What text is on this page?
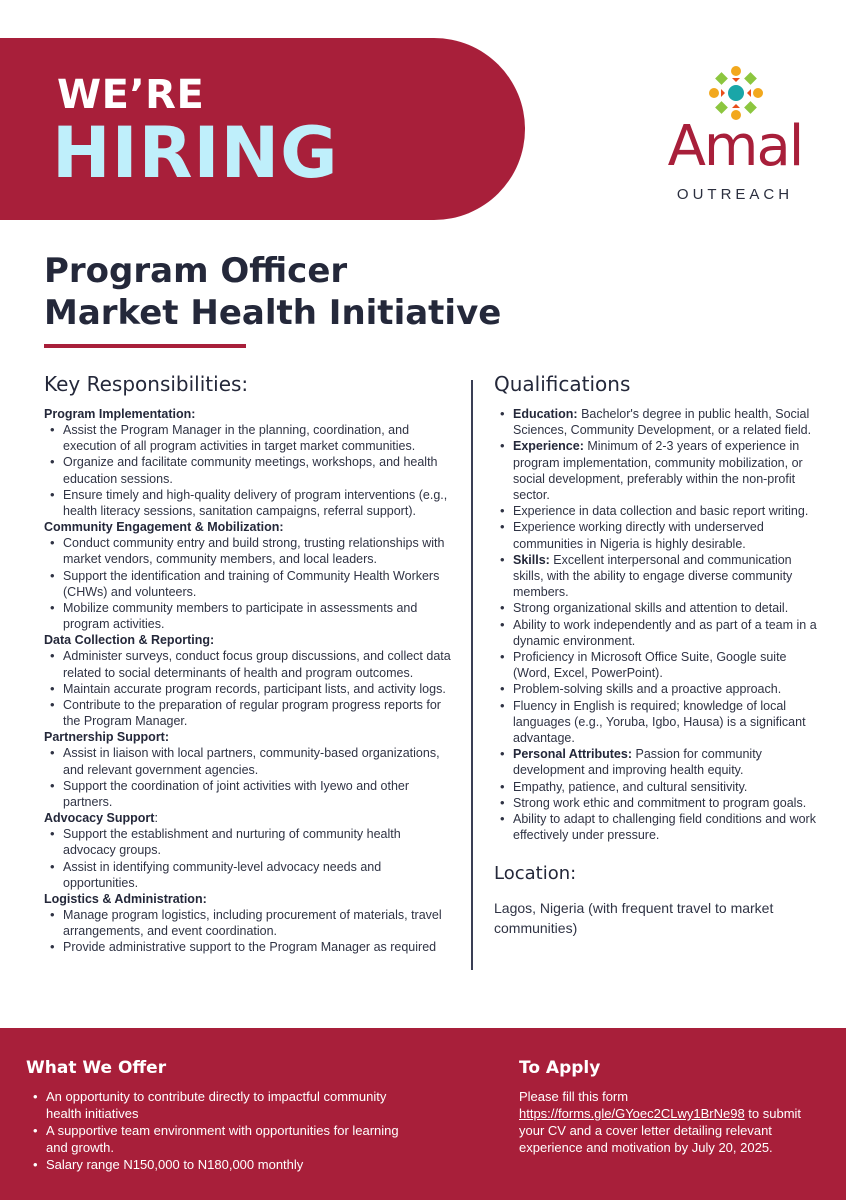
WE’RE
HIRING	Amal
OUTREACH
Program Officer
Market Health Initiative
Key Responsibilities:
Program Implementation:
• Assist the Program Manager in the planning, coordination, and execution of all program activities in target market communities.
• Organize and facilitate community meetings, workshops, and health education sessions.
• Ensure timely and high-quality delivery of program interventions (e.g., health literacy sessions, sanitation campaigns, referral support).
Community Engagement & Mobilization:
• Conduct community entry and build strong, trusting relationships with market vendors, community members, and local leaders.
• Support the identification and training of Community Health Workers (CHWs) and volunteers.
• Mobilize community members to participate in assessments and program activities.
Data Collection & Reporting:
• Administer surveys, conduct focus group discussions, and collect data related to social determinants of health and program outcomes.
• Maintain accurate program records, participant lists, and activity logs.
• Contribute to the preparation of regular program progress reports for the Program Manager.
Partnership Support:
• Assist in liaison with local partners, community-based organizations, and relevant government agencies.
• Support the coordination of joint activities with Iyewo and other partners.
Advocacy Support:
• Support the establishment and nurturing of community health advocacy groups.
• Assist in identifying community-level advocacy needs and opportunities.
Logistics & Administration:
• Manage program logistics, including procurement of materials, travel arrangements, and event coordination.
• Provide administrative support to the Program Manager as required
Qualifications
• Education: Bachelor's degree in public health, Social Sciences, Community Development, or a related field.
• Experience: Minimum of 2-3 years of experience in program implementation, community mobilization, or social development, preferably within the non-profit sector.
• Experience in data collection and basic report writing.
• Experience working directly with underserved communities in Nigeria is highly desirable.
• Skills: Excellent interpersonal and communication skills, with the ability to engage diverse community members.
• Strong organizational skills and attention to detail.
• Ability to work independently and as part of a team in a dynamic environment.
• Proficiency in Microsoft Office Suite, Google suite (Word, Excel, PowerPoint).
• Problem-solving skills and a proactive approach.
• Fluency in English is required; knowledge of local languages (e.g., Yoruba, Igbo, Hausa) is a significant advantage.
• Personal Attributes: Passion for community development and improving health equity.
• Empathy, patience, and cultural sensitivity.
• Strong work ethic and commitment to program goals.
• Ability to adapt to challenging field conditions and work effectively under pressure.
Location:
Lagos, Nigeria (with frequent travel to market communities)
What We Offer
• An opportunity to contribute directly to impactful community health initiatives
• A supportive team environment with opportunities for learning and growth.
• Salary range N150,000 to N180,000 monthly
To Apply
Please fill this form https://forms.gle/GYoec2CLwy1BrNe98 to submit your CV and a cover letter detailing relevant experience and motivation by July 20, 2025.
